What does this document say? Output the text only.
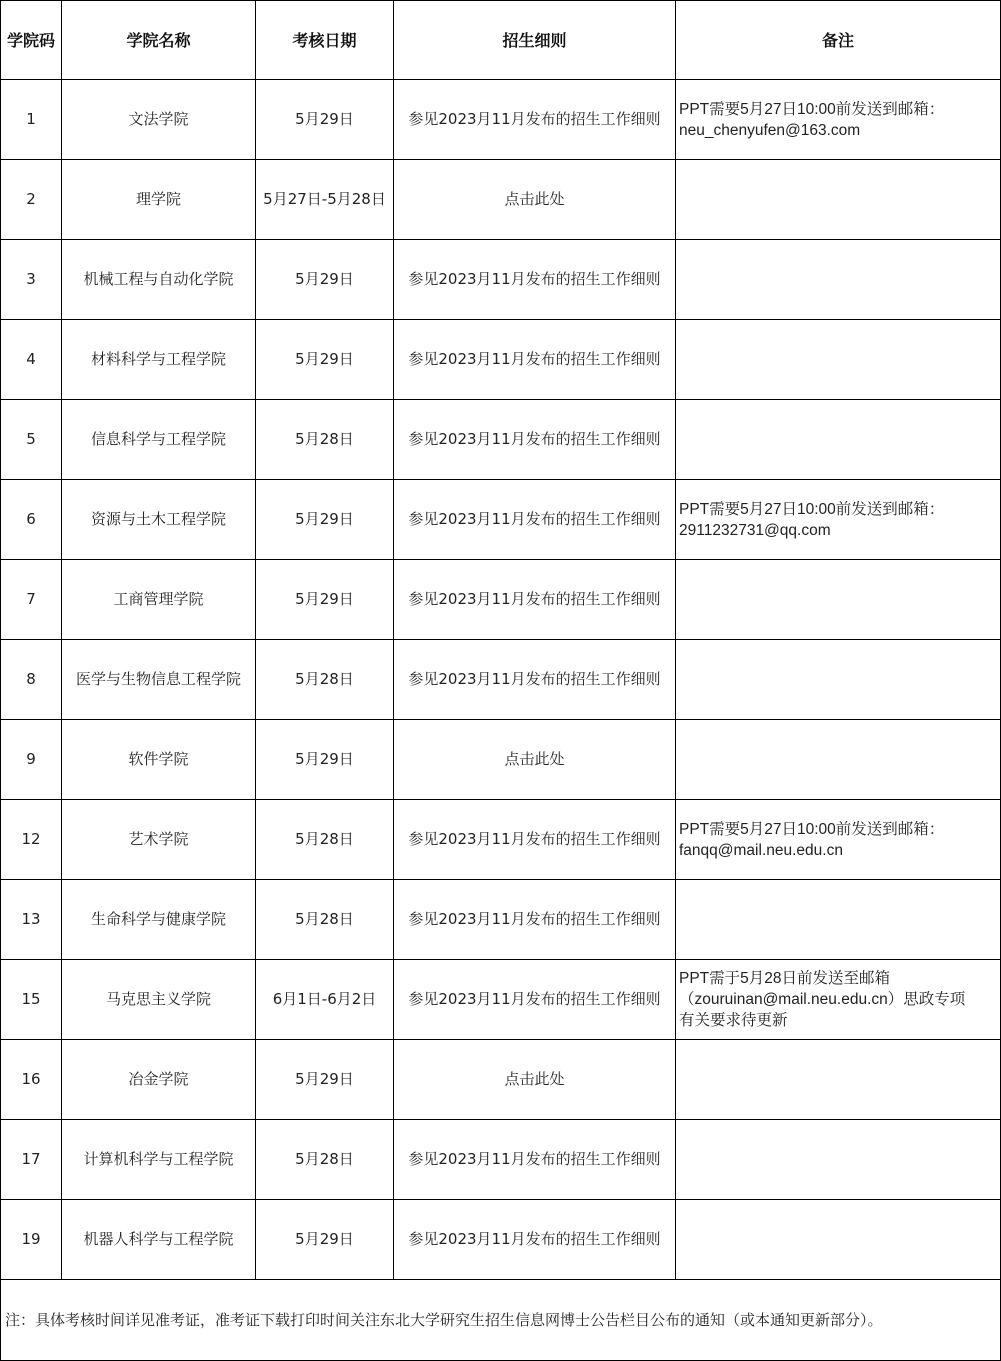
学院码	学院名称	考核日期	招生细则	备注
1	文法学院	5月29日	参见2023月11月发布的招生工作细则	PPT需要5月27日10:00前发送到邮箱：
neu_chenyufen@163.com

2	理学院	5月27日-5月28日	点击此处	
3	机械工程与自动化学院	5月29日	参见2023月11月发布的招生工作细则	
4	材料科学与工程学院	5月29日	参见2023月11月发布的招生工作细则	
5	信息科学与工程学院	5月28日	参见2023月11月发布的招生工作细则	
6	资源与土木工程学院	5月29日	参见2023月11月发布的招生工作细则	PPT需要5月27日10:00前发送到邮箱：
2911232731@qq.com

7	工商管理学院	5月29日	参见2023月11月发布的招生工作细则	
8	医学与生物信息工程学院	5月28日	参见2023月11月发布的招生工作细则	
9	软件学院	5月29日	点击此处	
12	艺术学院	5月28日	参见2023月11月发布的招生工作细则	PPT需要5月27日10:00前发送到邮箱：
fanqq@mail.neu.edu.cn

13	生命科学与健康学院	5月28日	参见2023月11月发布的招生工作细则	
15	马克思主义学院	6月1日-6月2日	参见2023月11月发布的招生工作细则	PPT需于5月28日前发送至邮箱
（zouruinan@mail.neu.edu.cn）思政专项
有关要求待更新

16	冶金学院	5月29日	点击此处	
17	计算机科学与工程学院	5月28日	参见2023月11月发布的招生工作细则	
19	机器人科学与工程学院	5月29日	参见2023月11月发布的招生工作细则	
注：具体考核时间详见准考证，准考证下载打印时间关注东北大学研究生招生信息网博士公告栏目公布的通知（或本通知更新部分）。				
